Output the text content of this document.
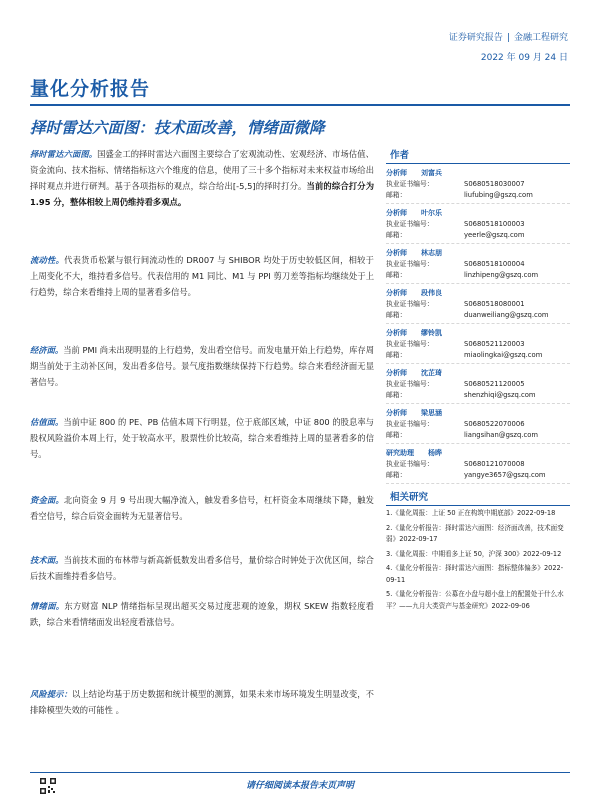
证券研究报告 | 金融工程研究
2022 年 09 月 24 日
量化分析报告
择时雷达六面图：技术面改善，情绪面微降

择时雷达六面图。国盛金工的择时雷达六面图主要综合了宏观流动性、宏观经济、市场估值、资金流向、技术指标、情绪指标这六个维度的信息，使用了三十多个指标对未来权益市场给出择时观点并进行研判。基于各项指标的观点，综合给出[-5,5]的择时打分。当前的综合打分为 1.95 分，整体相较上周仍维持看多观点。

流动性。代表货币松紧与银行间流动性的 DR007 与 SHIBOR 均处于历史较低区间，相较于上周变化不大，维持看多信号。代表信用的 M1 同比、M1 与 PPI 剪刀差等指标均继续处于上行趋势，综合来看维持上周的显著看多信号。

经济面。当前 PMI 尚未出现明显的上行趋势，发出看空信号。而发电量开始上行趋势，库存周期当前处于主动补区间，发出看多信号。景气度指数继续保持下行趋势。综合来看经济面无显著信号。

估值面。当前中证 800 的 PE、PB 估值本周下行明显，位于底部区域，中证 800 的股息率与股权风险溢价本周上行，处于较高水平，股票性价比较高，综合来看维持上周的显著看多的信号。

资金面。北向资金 9 月 9 号出现大幅净流入，触发看多信号，杠杆资金本周继续下降，触发看空信号，综合后资金面转为无显著信号。

技术面。当前技术面的布林带与新高新低数发出看多信号，量价综合时钟处于次优区间，综合后技术面维持看多信号。

情绪面。东方财富 NLP 情绪指标呈现出超买交易过度悲观的迹象，期权 SKEW 指数轻度看跌，综合来看情绪面发出轻度看涨信号。

风险提示：以上结论均基于历史数据和统计模型的测算，如果未来市场环境发生明显改变，不排除模型失效的可能性 。

作者
分析师 刘富兵
执业证书编号：	S0680518030007
邮箱：	liufubing@gszq.com
分析师 叶尔乐
执业证书编号：	S0680518100003
邮箱：	yeerle@gszq.com
分析师 林志朋
执业证书编号：	S0680518100004
邮箱：	linzhipeng@gszq.com
分析师 段伟良
执业证书编号：	S0680518080001
邮箱：	duanweiliang@gszq.com
分析师 缪铃凯
执业证书编号：	S0680521120003
邮箱：	miaolingkai@gszq.com
分析师 沈芷琦
执业证书编号：	S0680521120005
邮箱：	shenzhiqi@gszq.com
分析师 梁思涵
执业证书编号：	S0680522070006
邮箱：	liangsihan@gszq.com
研究助理 杨晔
执业证书编号：	S0680121070008
邮箱：	yangye3657@gszq.com
相关研究
1.《量化周报：上证 50 正在构筑中期底部》2022-09-18
2.《量化分析报告：择时雷达六面图：经济面改善，技术面变弱》2022-09-17
3.《量化周报：中期看多上证 50，沪深 300》2022-09-12
4.《量化分析报告：择时雷达六面图：指标整体偏多》2022-09-11
5.《量化分析报告：公募在小盘与超小盘上的配置处于什么水平？——九月大类资产与基金研究》2022-09-06
请仔细阅读本报告末页声明
